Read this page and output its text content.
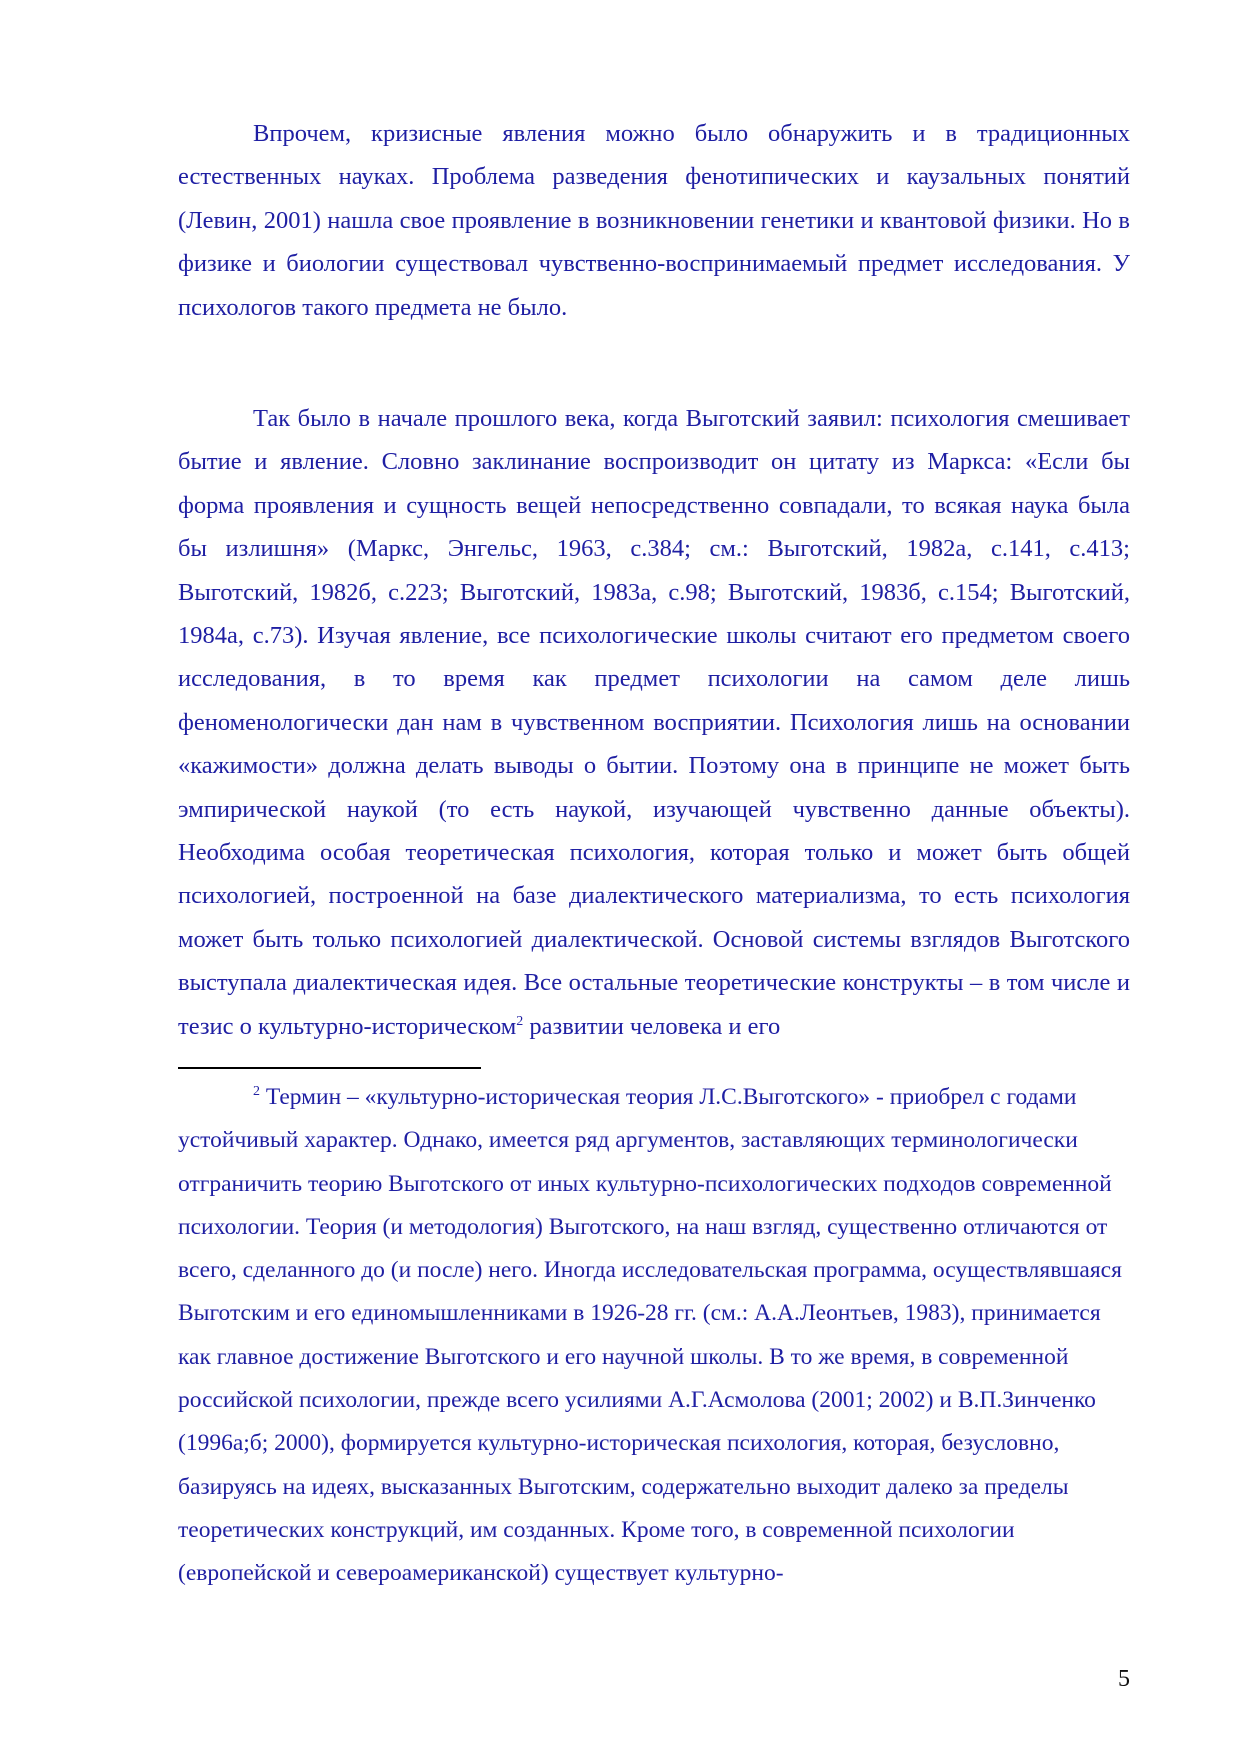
Впрочем, кризисные явления можно было обнаружить и в традиционных естественных науках. Проблема разведения фенотипических и каузальных понятий (Левин, 2001) нашла свое проявление в возникновении генетики и квантовой физики. Но в физике и биологии существовал чувственно-воспринимаемый предмет исследования. У психологов такого предмета не было.

Так было в начале прошлого века, когда Выготский заявил: психология смешивает бытие и явление. Словно заклинание воспроизводит он цитату из Маркса: «Если бы форма проявления и сущность вещей непосредственно совпадали, то всякая наука была бы излишня» (Маркс, Энгельс, 1963, с.384; см.: Выготский, 1982а, с.141, с.413; Выготский, 1982б, с.223; Выготский, 1983а, с.98; Выготский, 1983б, с.154; Выготский, 1984а, с.73). Изучая явление, все психологические школы считают его предметом своего исследования, в то время как предмет психологии на самом деле лишь феноменологически дан нам в чувственном восприятии. Психология лишь на основании «кажимости» должна делать выводы о бытии. Поэтому она в принципе не может быть эмпирической наукой (то есть наукой, изучающей чувственно данные объекты). Необходима особая теоретическая психология, которая только и может быть общей психологией, построенной на базе диалектического материализма, то есть психология может быть только психологией диалектической. Основой системы взглядов Выготского выступала диалектическая идея. Все остальные теоретические конструкты – в том числе и тезис о культурно-историческом$^2$ развитии человека и его

$^2$ Термин – «культурно-историческая теория Л.С.Выготского» - приобрел с годами устойчивый характер. Однако, имеется ряд аргументов, заставляющих терминологически отграничить теорию Выготского от иных культурно-психологических подходов современной психологии. Теория (и методология) Выготского, на наш взгляд, существенно отличаются от всего, сделанного до (и после) него. Иногда исследовательская программа, осуществлявшаяся Выготским и его единомышленниками в 1926-28 гг. (см.: А.А.Леонтьев, 1983), принимается как главное достижение Выготского и его научной школы. В то же время, в современной российской психологии, прежде всего усилиями А.Г.Асмолова (2001; 2002) и В.П.Зинченко (1996а;б; 2000), формируется культурно-историческая психология, которая, безусловно, базируясь на идеях, высказанных Выготским, содержательно выходит далеко за пределы теоретических конструкций, им созданных. Кроме того, в современной психологии (европейской и североамериканской) существует культурно-

5
